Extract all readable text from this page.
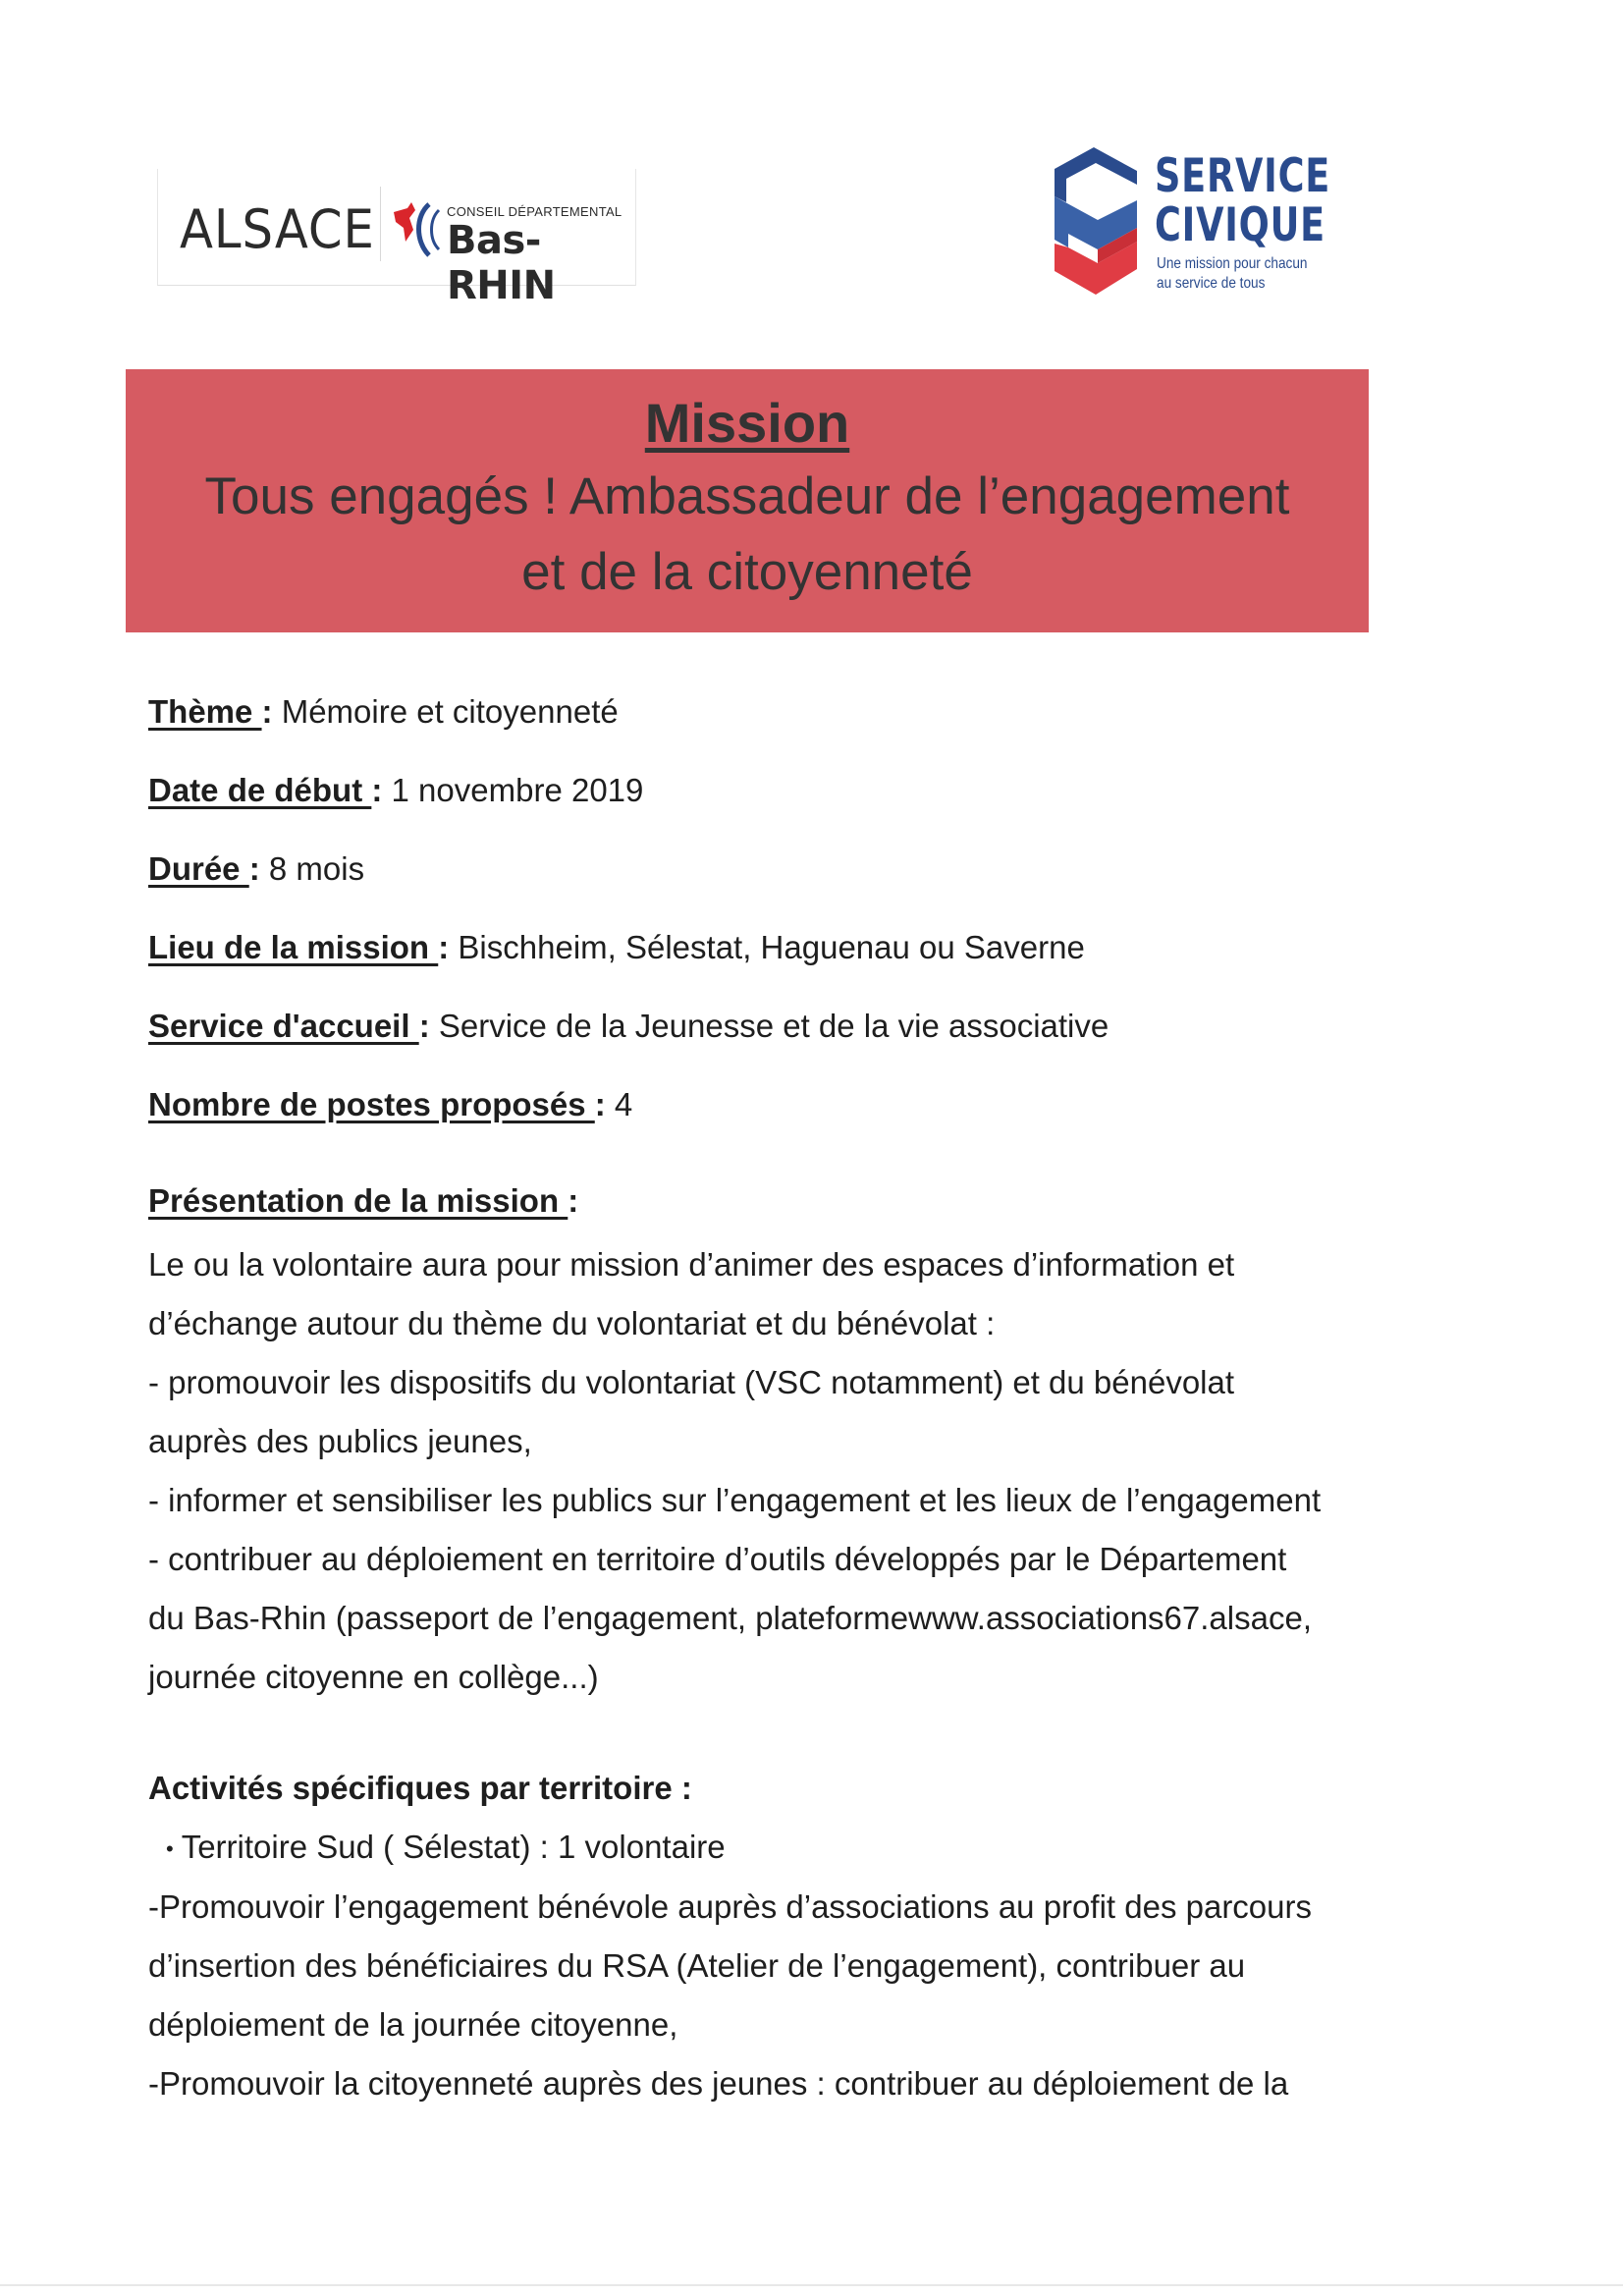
ALSACE	CONSEIL DÉPARTEMENTAL
Bas-RHIN
SERVICE
CIVIQUE
Une mission pour chacun
au service de tous
Mission
Tous engagés ! Ambassadeur de l’engagement
et de la citoyenneté
Thème : Mémoire et citoyenneté
Date de début : 1 novembre 2019
Durée : 8 mois
Lieu de la mission : Bischheim, Sélestat, Haguenau ou Saverne
Service d'accueil : Service de la Jeunesse et de la vie associative
Nombre de postes proposés : 4
Présentation de la mission :
Le ou la volontaire aura pour mission d’animer des espaces d’information et
d’échange autour du thème du volontariat et du bénévolat :
- promouvoir les dispositifs du volontariat (VSC notamment) et du bénévolat
auprès des publics jeunes,
- informer et sensibiliser les publics sur l’engagement et les lieux de l’engagement
- contribuer au déploiement en territoire d’outils développés par le Département
du Bas-Rhin (passeport de l’engagement, plateformewww.associations67.alsace,
journée citoyenne en collège...)
Activités spécifiques par territoire :
• Territoire Sud ( Sélestat) : 1 volontaire
-Promouvoir l’engagement bénévole auprès d’associations au profit des parcours
d’insertion des bénéficiaires du RSA (Atelier de l’engagement), contribuer au
déploiement de la journée citoyenne,
-Promouvoir la citoyenneté auprès des jeunes : contribuer au déploiement de la
